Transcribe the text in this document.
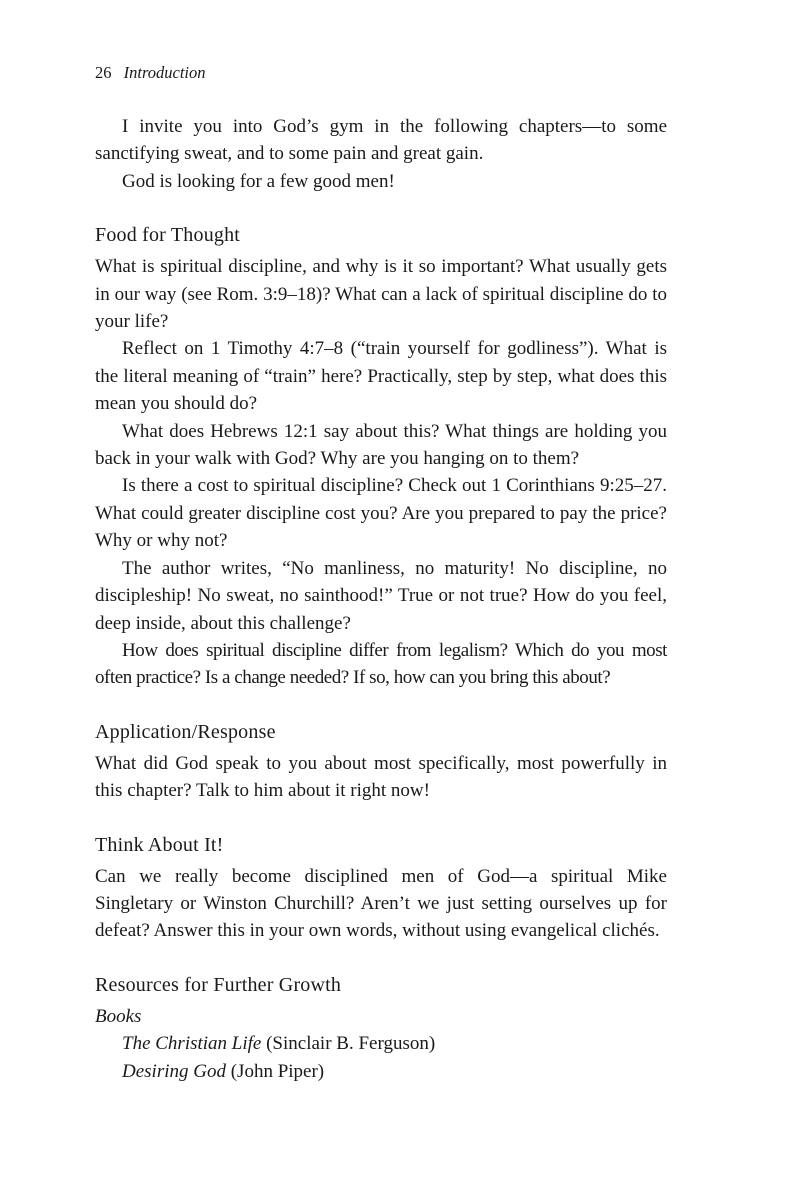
26 Introduction

I invite you into God’s gym in the following chapters—to some sanctifying sweat, and to some pain and great gain.

God is looking for a few good men!

Food for Thought

What is spiritual discipline, and why is it so important? What usually gets in our way (see Rom. 3:9–18)? What can a lack of spiritual discipline do to your life?

Reflect on 1 Timothy 4:7–8 (“train yourself for godliness”). What is the literal meaning of “train” here? Practically, step by step, what does this mean you should do?

What does Hebrews 12:1 say about this? What things are holding you back in your walk with God? Why are you hanging on to them?

Is there a cost to spiritual discipline? Check out 1 Corinthians 9:25–27. What could greater discipline cost you? Are you prepared to pay the price? Why or why not?

The author writes, “No manliness, no maturity! No discipline, no discipleship! No sweat, no sainthood!” True or not true? How do you feel, deep inside, about this challenge?

How does spiritual discipline differ from legalism? Which do you most often practice? Is a change needed? If so, how can you bring this about?

Application/Response

What did God speak to you about most specifically, most powerfully in this chapter? Talk to him about it right now!

Think About It!

Can we really become disciplined men of God—a spiritual Mike Singletary or Winston Churchill? Aren’t we just setting ourselves up for defeat? Answer this in your own words, without using evangelical clichés.

Resources for Further Growth
Books
The Christian Life (Sinclair B. Ferguson)
Desiring God (John Piper)
